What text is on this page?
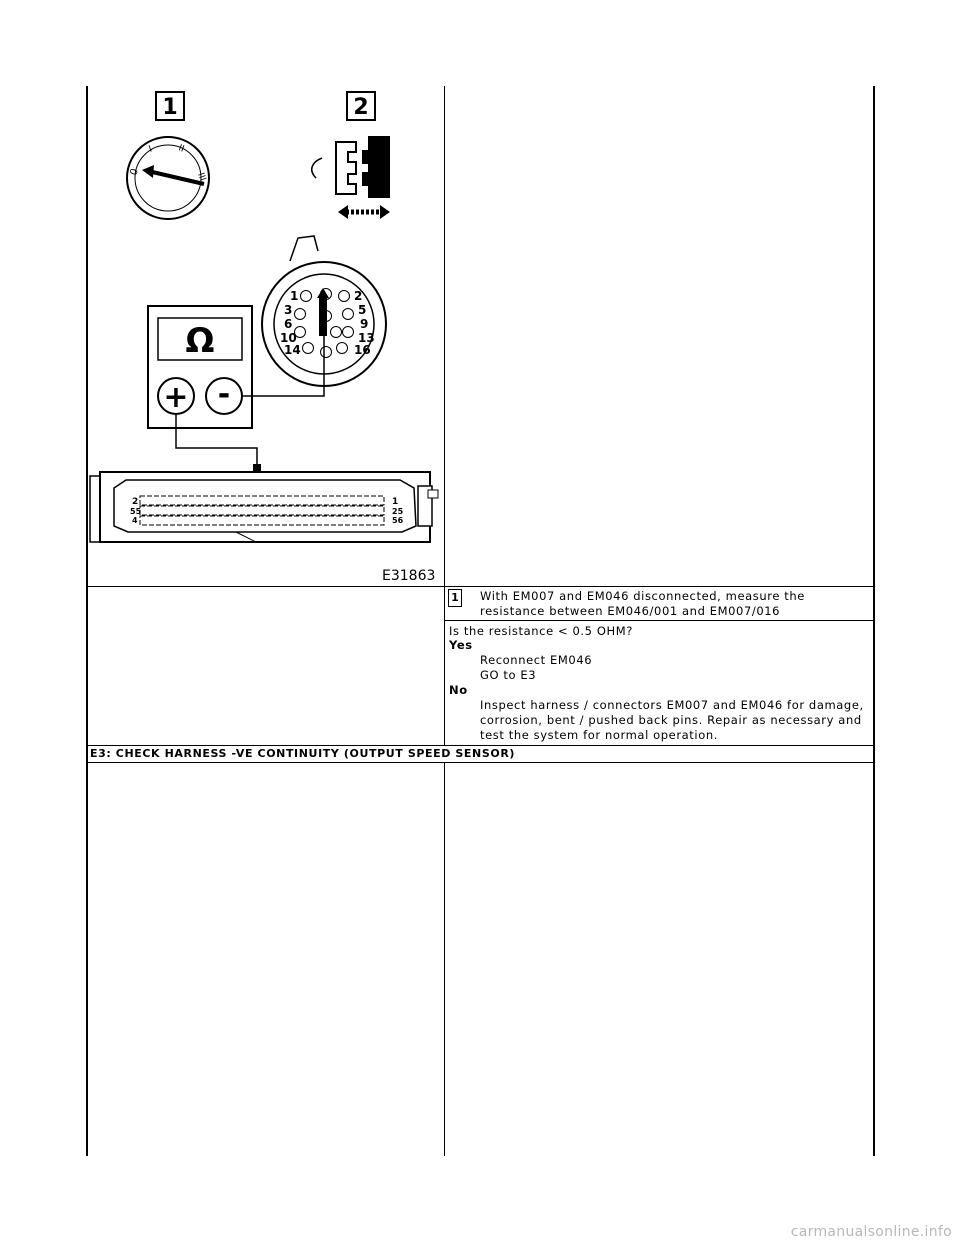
1	2
0
I	II
III
1	2
3	5
6	9
10	13
14	16
Ω
+ -
2
55
4
1
25
56
E31863
1 With EM007 and EM046 disconnected, measure the
resistance between EM046/001 and EM007/016
Is the resistance < 0.5 OHM?
Yes
Reconnect EM046
GO to E3
No
Inspect harness / connectors EM007 and EM046 for damage,
corrosion, bent / pushed back pins. Repair as necessary and
test the system for normal operation.
E3: CHECK HARNESS -VE CONTINUITY (OUTPUT SPEED SENSOR)
carmanualsonline.info
